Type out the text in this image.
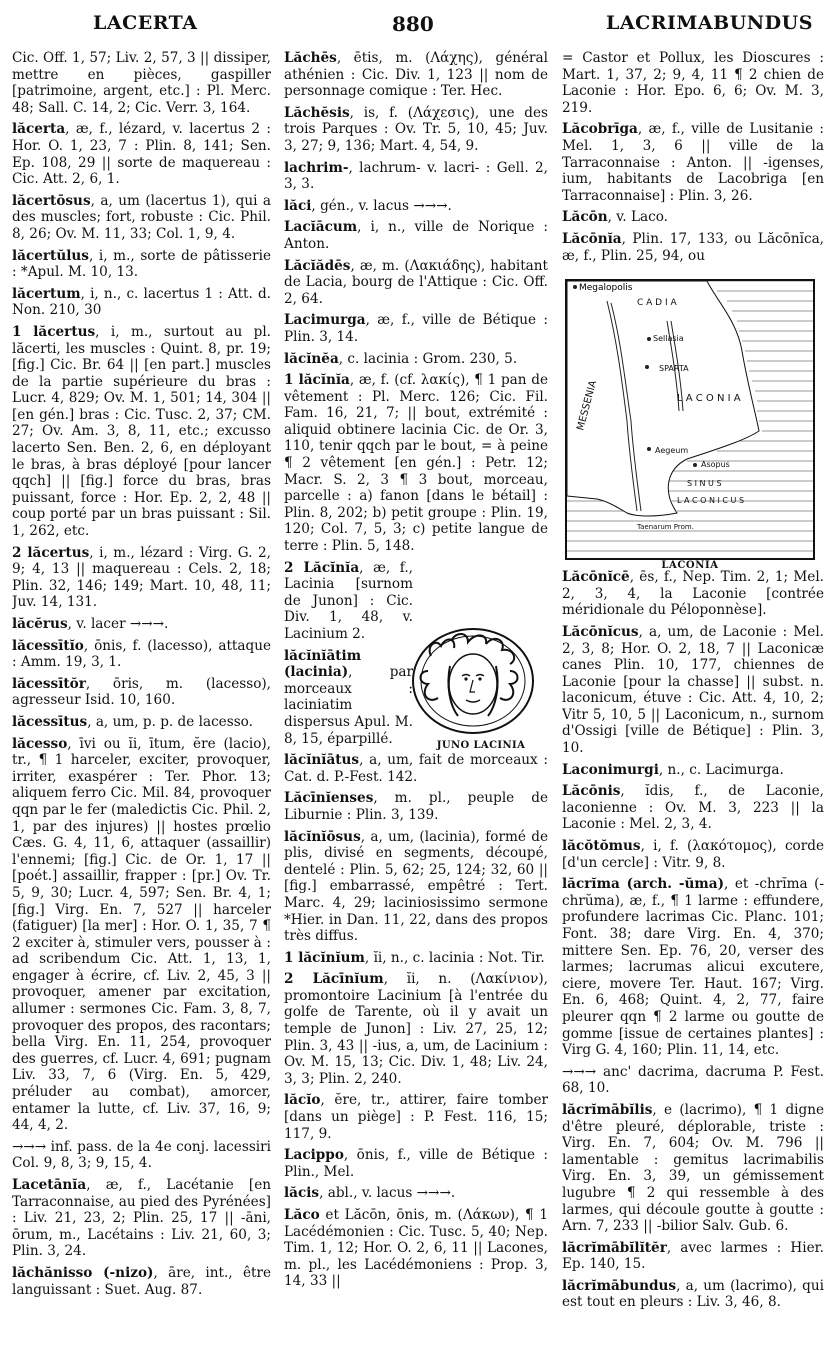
LACERTA	880	LACRIMABUNDUS

Cic. Off. 1, 57; Liv. 2, 57, 3 || dissiper, mettre en pièces, gaspiller [patrimoine, argent, etc.] : Pl. Merc. 48; Sall. C. 14, 2; Cic. Verr. 3, 164.

lăcerta, æ, f., lézard, v. lacertus 2 : Hor. O. 1, 23, 7 : Plin. 8, 141; Sen. Ep. 108, 29 || sorte de maquereau : Cic. Att. 2, 6, 1.

lăcertōsus, a, um (lacertus 1), qui a des muscles; fort, robuste : Cic. Phil. 8, 26; Ov. M. 11, 33; Col. 1, 9, 4.

lăcertŭlus, i, m., sorte de pâtisserie : *Apul. M. 10, 13.

lăcertum, i, n., c. lacertus 1 : Att. d. Non. 210, 30

1 lăcertus, i, m., surtout au pl. lăcerti, les muscles : Quint. 8, pr. 19; [fig.] Cic. Br. 64 || [en part.] muscles de la partie supérieure du bras : Lucr. 4, 829; Ov. M. 1, 501; 14, 304 || [en gén.] bras : Cic. Tusc. 2, 37; CM. 27; Ov. Am. 3, 8, 11, etc.; excusso lacerto Sen. Ben. 2, 6, en déployant le bras, à bras déployé [pour lancer qqch] || [fig.] force du bras, bras puissant, force : Hor. Ep. 2, 2, 48 || coup porté par un bras puissant : Sil. 1, 262, etc.

2 lăcertus, i, m., lézard : Virg. G. 2, 9; 4, 13 || maquereau : Cels. 2, 18; Plin. 32, 146; 149; Mart. 10, 48, 11; Juv. 14, 131.

lăcĕrus, v. lacer →→→.

lăcessītĭo, ōnis, f. (lacesso), attaque : Amm. 19, 3, 1.

lăcessītŏr, ōris, m. (lacesso), agresseur Isid. 10, 160.

lăcessītus, a, um, p. p. de lacesso.

lăcesso, īvi ou ĭi, ītum, ĕre (lacio), tr., ¶ 1 harceler, exciter, provoquer, irriter, exaspérer : Ter. Phor. 13; aliquem ferro Cic. Mil. 84, provoquer qqn par le fer (maledictis Cic. Phil. 2, 1, par des injures) || hostes prœlio Cæs. G. 4, 11, 6, attaquer (assaillir) l'ennemi; [fig.] Cic. de Or. 1, 17 || [poét.] assaillir, frapper : [pr.] Ov. Tr. 5, 9, 30; Lucr. 4, 597; Sen. Br. 4, 1; [fig.] Virg. En. 7, 527 || harceler (fatiguer) [la mer] : Hor. O. 1, 35, 7 ¶ 2 exciter à, stimuler vers, pousser à : ad scribendum Cic. Att. 1, 13, 1, engager à écrire, cf. Liv. 2, 45, 3 || provoquer, amener par excitation, allumer : sermones Cic. Fam. 3, 8, 7, provoquer des propos, des racontars; bella Virg. En. 11, 254, provoquer des guerres, cf. Lucr. 4, 691; pugnam Liv. 33, 7, 6 (Virg. En. 5, 429, préluder au combat), amorcer, entamer la lutte, cf. Liv. 37, 16, 9; 44, 4, 2.

→→→ inf. pass. de la 4e conj. lacessiri Col. 9, 8, 3; 9, 15, 4.

Lacetānĭa, æ, f., Lacétanie [en Tarraconnaise, au pied des Pyrénées] : Liv. 21, 23, 2; Plin. 25, 17 || -āni, ōrum, m., Lacétains : Liv. 21, 60, 3; Plin. 3, 24.

lăchănisso (-nizo), āre, int., être languissant : Suet. Aug. 87.

Lăchēs, ētis, m. (Λάχης), général athénien : Cic. Div. 1, 123 || nom de personnage comique : Ter. Hec.

Lăchĕsis, is, f. (Λάχεσις), une des trois Parques : Ov. Tr. 5, 10, 45; Juv. 3, 27; 9, 136; Mart. 4, 54, 9.

lachrim-, lachrum- v. lacri- : Gell. 2, 3, 3.

lăci, gén., v. lacus →→→.

Lacĭācum, i, n., ville de Norique : Anton.

Lăcĭădēs, æ, m. (Λακιάδης), habitant de Lacia, bourg de l'Attique : Cic. Off. 2, 64.

Lacimurga, æ, f., ville de Bétique : Plin. 3, 14.

lăcĭnĕa, c. lacinia : Grom. 230, 5.

1 lăcĭnĭa, æ, f. (cf. λακίς), ¶ 1 pan de vêtement : Pl. Merc. 126; Cic. Fil. Fam. 16, 21, 7; || bout, extrémité : aliquid obtinere lacinia Cic. de Or. 3, 110, tenir qqch par le bout, = à peine ¶ 2 vêtement [en gén.] : Petr. 12; Macr. S. 2, 3 ¶ 3 bout, morceau, parcelle : a) fanon [dans le bétail] : Plin. 8, 202; b) petit groupe : Plin. 19, 120; Col. 7, 5, 3; c) petite langue de terre : Plin. 5, 148.

2 Lăcĭnĭa, æ, f., Lacinia [surnom de Junon] : Cic. Div. 1, 48, v. Lacinium 2.

lăcĭnĭātim (lacinia), par morceaux : laciniatim dispersus Apul. M. 8, 15, éparpillé.

lăcĭnĭātus, a, um, fait de morceaux : Cat. d. P.-Fest. 142.

Lăcīnĭenses, m. pl., peuple de Liburnie : Plin. 3, 139.

lăcĭnĭōsus, a, um, (lacinia), formé de plis, divisé en segments, découpé, dentelé : Plin. 5, 62; 25, 124; 32, 60 || [fig.] embarrassé, empêtré : Tert. Marc. 4, 29; laciniosissimo sermone *Hier. in Dan. 11, 22, dans des propos très diffus.

1 lăcĭnĭum, ĭi, n., c. lacinia : Not. Tir.

2 Lăcīnĭum, ĭi, n. (Λακίνιον), promontoire Lacinium [à l'entrée du golfe de Tarente, où il y avait un temple de Junon] : Liv. 27, 25, 12; Plin. 3, 43 || -ius, a, um, de Lacinium : Ov. M. 15, 13; Cic. Div. 1, 48; Liv. 24, 3, 3; Plin. 2, 240.

lăcĭo, ĕre, tr., attirer, faire tomber [dans un piège] : P. Fest. 116, 15; 117, 9.

Lacippo, ōnis, f., ville de Bétique : Plin., Mel.

lăcis, abl., v. lacus →→→.

Lăco et Lăcōn, ōnis, m. (Λάκων), ¶ 1 Lacédémonien : Cic. Tusc. 5, 40; Nep. Tim. 1, 12; Hor. O. 2, 6, 11 || Lacones, m. pl., les Lacédémoniens : Prop. 3, 14, 33 ||

= Castor et Pollux, les Dioscures : Mart. 1, 37, 2; 9, 4, 11 ¶ 2 chien de Laconie : Hor. Epo. 6, 6; Ov. M. 3, 219.

Lăcobrīga, æ, f., ville de Lusitanie : Mel. 1, 3, 6 || ville de la Tarraconnaise : Anton. || -igenses, ium, habitants de Lacobriga [en Tarraconnaise] : Plin. 3, 26.

Lăcōn, v. Laco.

Lăcōnĭa, Plin. 17, 133, ou Lăcōnĭca, æ, f., Plin. 25, 94, ou

Lăcōnĭcē, ēs, f., Nep. Tim. 2, 1; Mel. 2, 3, 4, la Laconie [contrée méridionale du Péloponnèse].

Lăcōnĭcus, a, um, de Laconie : Mel. 2, 3, 8; Hor. O. 2, 18, 7 || Laconicæ canes Plin. 10, 177, chiennes de Laconie [pour la chasse] || subst. n. laconicum, étuve : Cic. Att. 4, 10, 2; Vitr 5, 10, 5 || Laconicum, n., surnom d'Ossigi [ville de Bétique] : Plin. 3, 10.

Laconimurgi, n., c. Lacimurga.

Lăcōnis, ĭdis, f., de Laconie, laconienne : Ov. M. 3, 223 || la Laconie : Mel. 2, 3, 4.

lăcŏtŏmus, i, f. (λακότομος), corde [d'un cercle] : Vitr. 9, 8.

lăcrĭma (arch. -ŭma), et -chrĭma (-chrŭma), æ, f., ¶ 1 larme : effundere, profundere lacrimas Cic. Planc. 101; Font. 38; dare Virg. En. 4, 370; mittere Sen. Ep. 76, 20, verser des larmes; lacrumas alicui excutere, ciere, movere Ter. Haut. 167; Virg. En. 6, 468; Quint. 4, 2, 77, faire pleurer qqn ¶ 2 larme ou goutte de gomme [issue de certaines plantes] : Virg G. 4, 160; Plin. 11, 14, etc.

→→→ anc' dacrima, dacruma P. Fest. 68, 10.

lăcrĭmābĭlis, e (lacrimo), ¶ 1 digne d'être pleuré, déplorable, triste : Virg. En. 7, 604; Ov. M. 796 || lamentable : gemitus lacrimabilis Virg. En. 3, 39, un gémissement lugubre ¶ 2 qui ressemble à des larmes, qui découle goutte à goutte : Arn. 7, 233 || -bilior Salv. Gub. 6.

lăcrĭmābĭlĭtĕr, avec larmes : Hier. Ep. 140, 15.

lăcrĭmābundus, a, um (lacrimo), qui est tout en pleurs : Liv. 3, 46, 8.

Megalopolis
C A D I A
MESSENIA
Sellasia
SPARTA
L A C O N I A
Aegeum
Asopus
S I N U S
L A C O N I C U S
Taenarum Prom.
LACONIA
JUNO LACINIA
